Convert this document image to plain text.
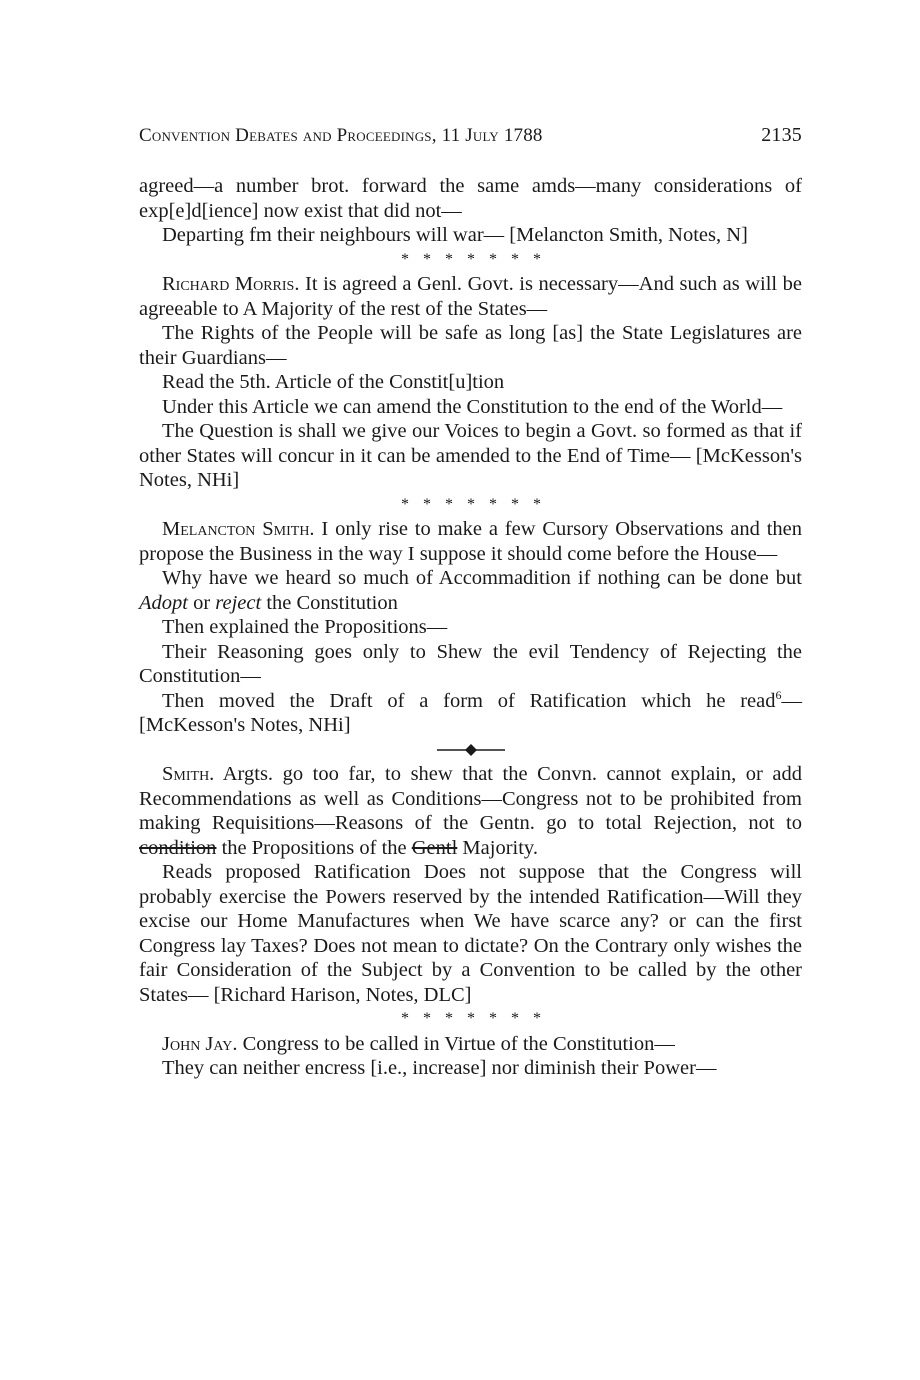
Convention Debates and Proceedings, 11 July 1788	2135

agreed—a number brot. forward the same amds—many considerations of exp[e]d[ience] now exist that did not—

Departing fm their neighbours will war— [Melancton Smith, Notes, N]

* * * * * * *

Richard Morris. It is agreed a Genl. Govt. is necessary—And such as will be agreeable to A Majority of the rest of the States—

The Rights of the People will be safe as long [as] the State Legislatures are their Guardians—

Read the 5th. Article of the Constit[u]tion

Under this Article we can amend the Constitution to the end of the World—

The Question is shall we give our Voices to begin a Govt. so formed as that if other States will concur in it can be amended to the End of Time— [McKesson's Notes, NHi]

* * * * * * *

Melancton Smith. I only rise to make a few Cursory Observations and then propose the Business in the way I suppose it should come before the House—

Why have we heard so much of Accommadition if nothing can be done but Adopt or reject the Constitution

Then explained the Propositions—

Their Reasoning goes only to Shew the evil Tendency of Rejecting the Constitution—

Then moved the Draft of a form of Ratification which he read$^6$— [McKesson's Notes, NHi]

Smith. Argts. go too far, to shew that the Convn. cannot explain, or add Recommendations as well as Conditions—Congress not to be prohibited from making Requisitions—Reasons of the Gentn. go to total Rejection, not to condition the Propositions of the Gentl Majority.

Reads proposed Ratification Does not suppose that the Congress will probably exercise the Powers reserved by the intended Ratification—Will they excise our Home Manufactures when We have scarce any? or can the first Congress lay Taxes? Does not mean to dictate? On the Contrary only wishes the fair Consideration of the Subject by a Convention to be called by the other States— [Richard Harison, Notes, DLC]

* * * * * * *

John Jay. Congress to be called in Virtue of the Constitution—

They can neither encress [i.e., increase] nor diminish their Power—
